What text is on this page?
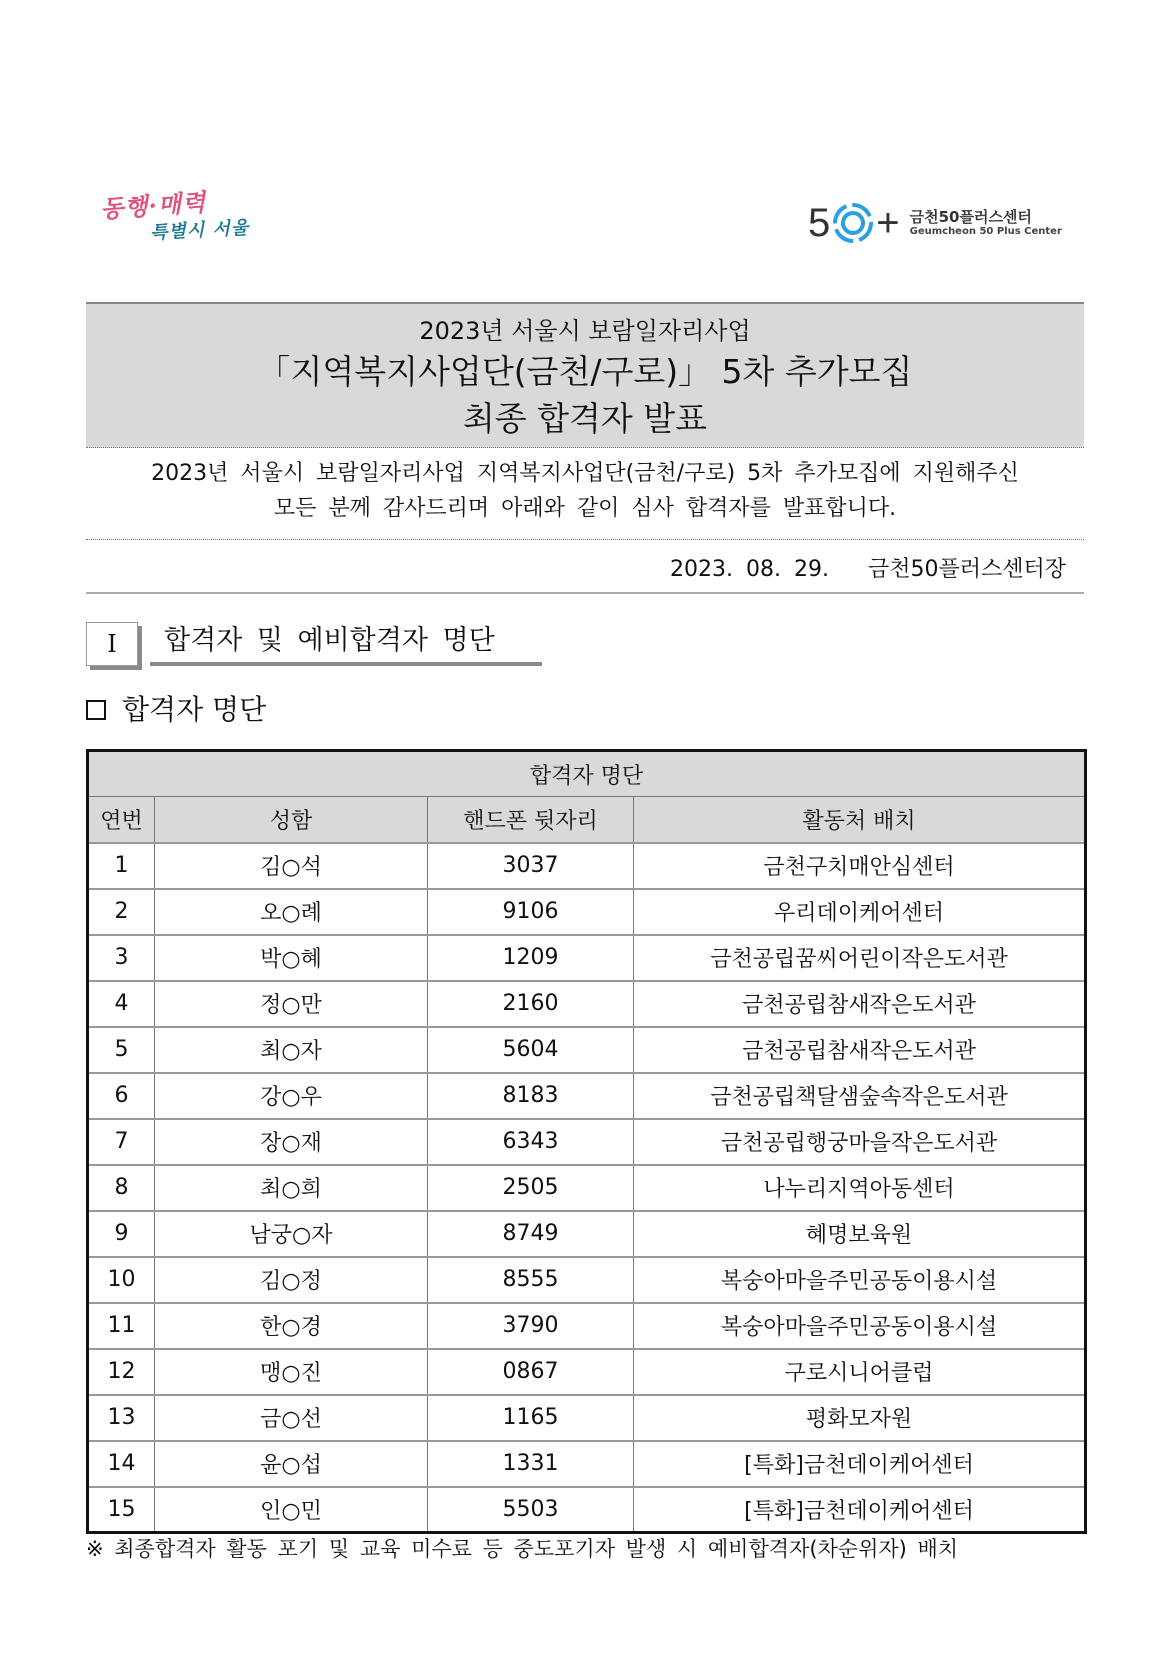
동행·매력
특별시 서울	5 + 금천50플러스센터
Geumcheon 50 Plus Center
2023년 서울시 보람일자리사업
「지역복지사업단(금천/구로)」 5차 추가모집
최종 합격자 발표
2023년 서울시 보람일자리사업 지역복지사업단(금천/구로) 5차 추가모집에 지원해주신
모든 분께 감사드리며 아래와 같이 심사 합격자를 발표합니다.
2023. 08. 29. 금천50플러스센터장
Ⅰ	합격자 및 예비합격자 명단
합격자 명단
합격자 명단			
연번	성함	핸드폰 뒷자리	활동처 배치
1	김○석	3037	금천구치매안심센터
2	오○례	9106	우리데이케어센터
3	박○혜	1209	금천공립꿈씨어린이작은도서관
4	정○만	2160	금천공립참새작은도서관
5	최○자	5604	금천공립참새작은도서관
6	강○우	8183	금천공립책달샘숲속작은도서관
7	장○재	6343	금천공립행궁마을작은도서관
8	최○희	2505	나누리지역아동센터
9	남궁○자	8749	혜명보육원
10	김○정	8555	복숭아마을주민공동이용시설
11	한○경	3790	복숭아마을주민공동이용시설
12	맹○진	0867	구로시니어클럽
13	금○선	1165	평화모자원
14	윤○섭	1331	[특화]금천데이케어센터
15	인○민	5503	[특화]금천데이케어센터
※ 최종합격자 활동 포기 및 교육 미수료 등 중도포기자 발생 시 예비합격자(차순위자) 배치
